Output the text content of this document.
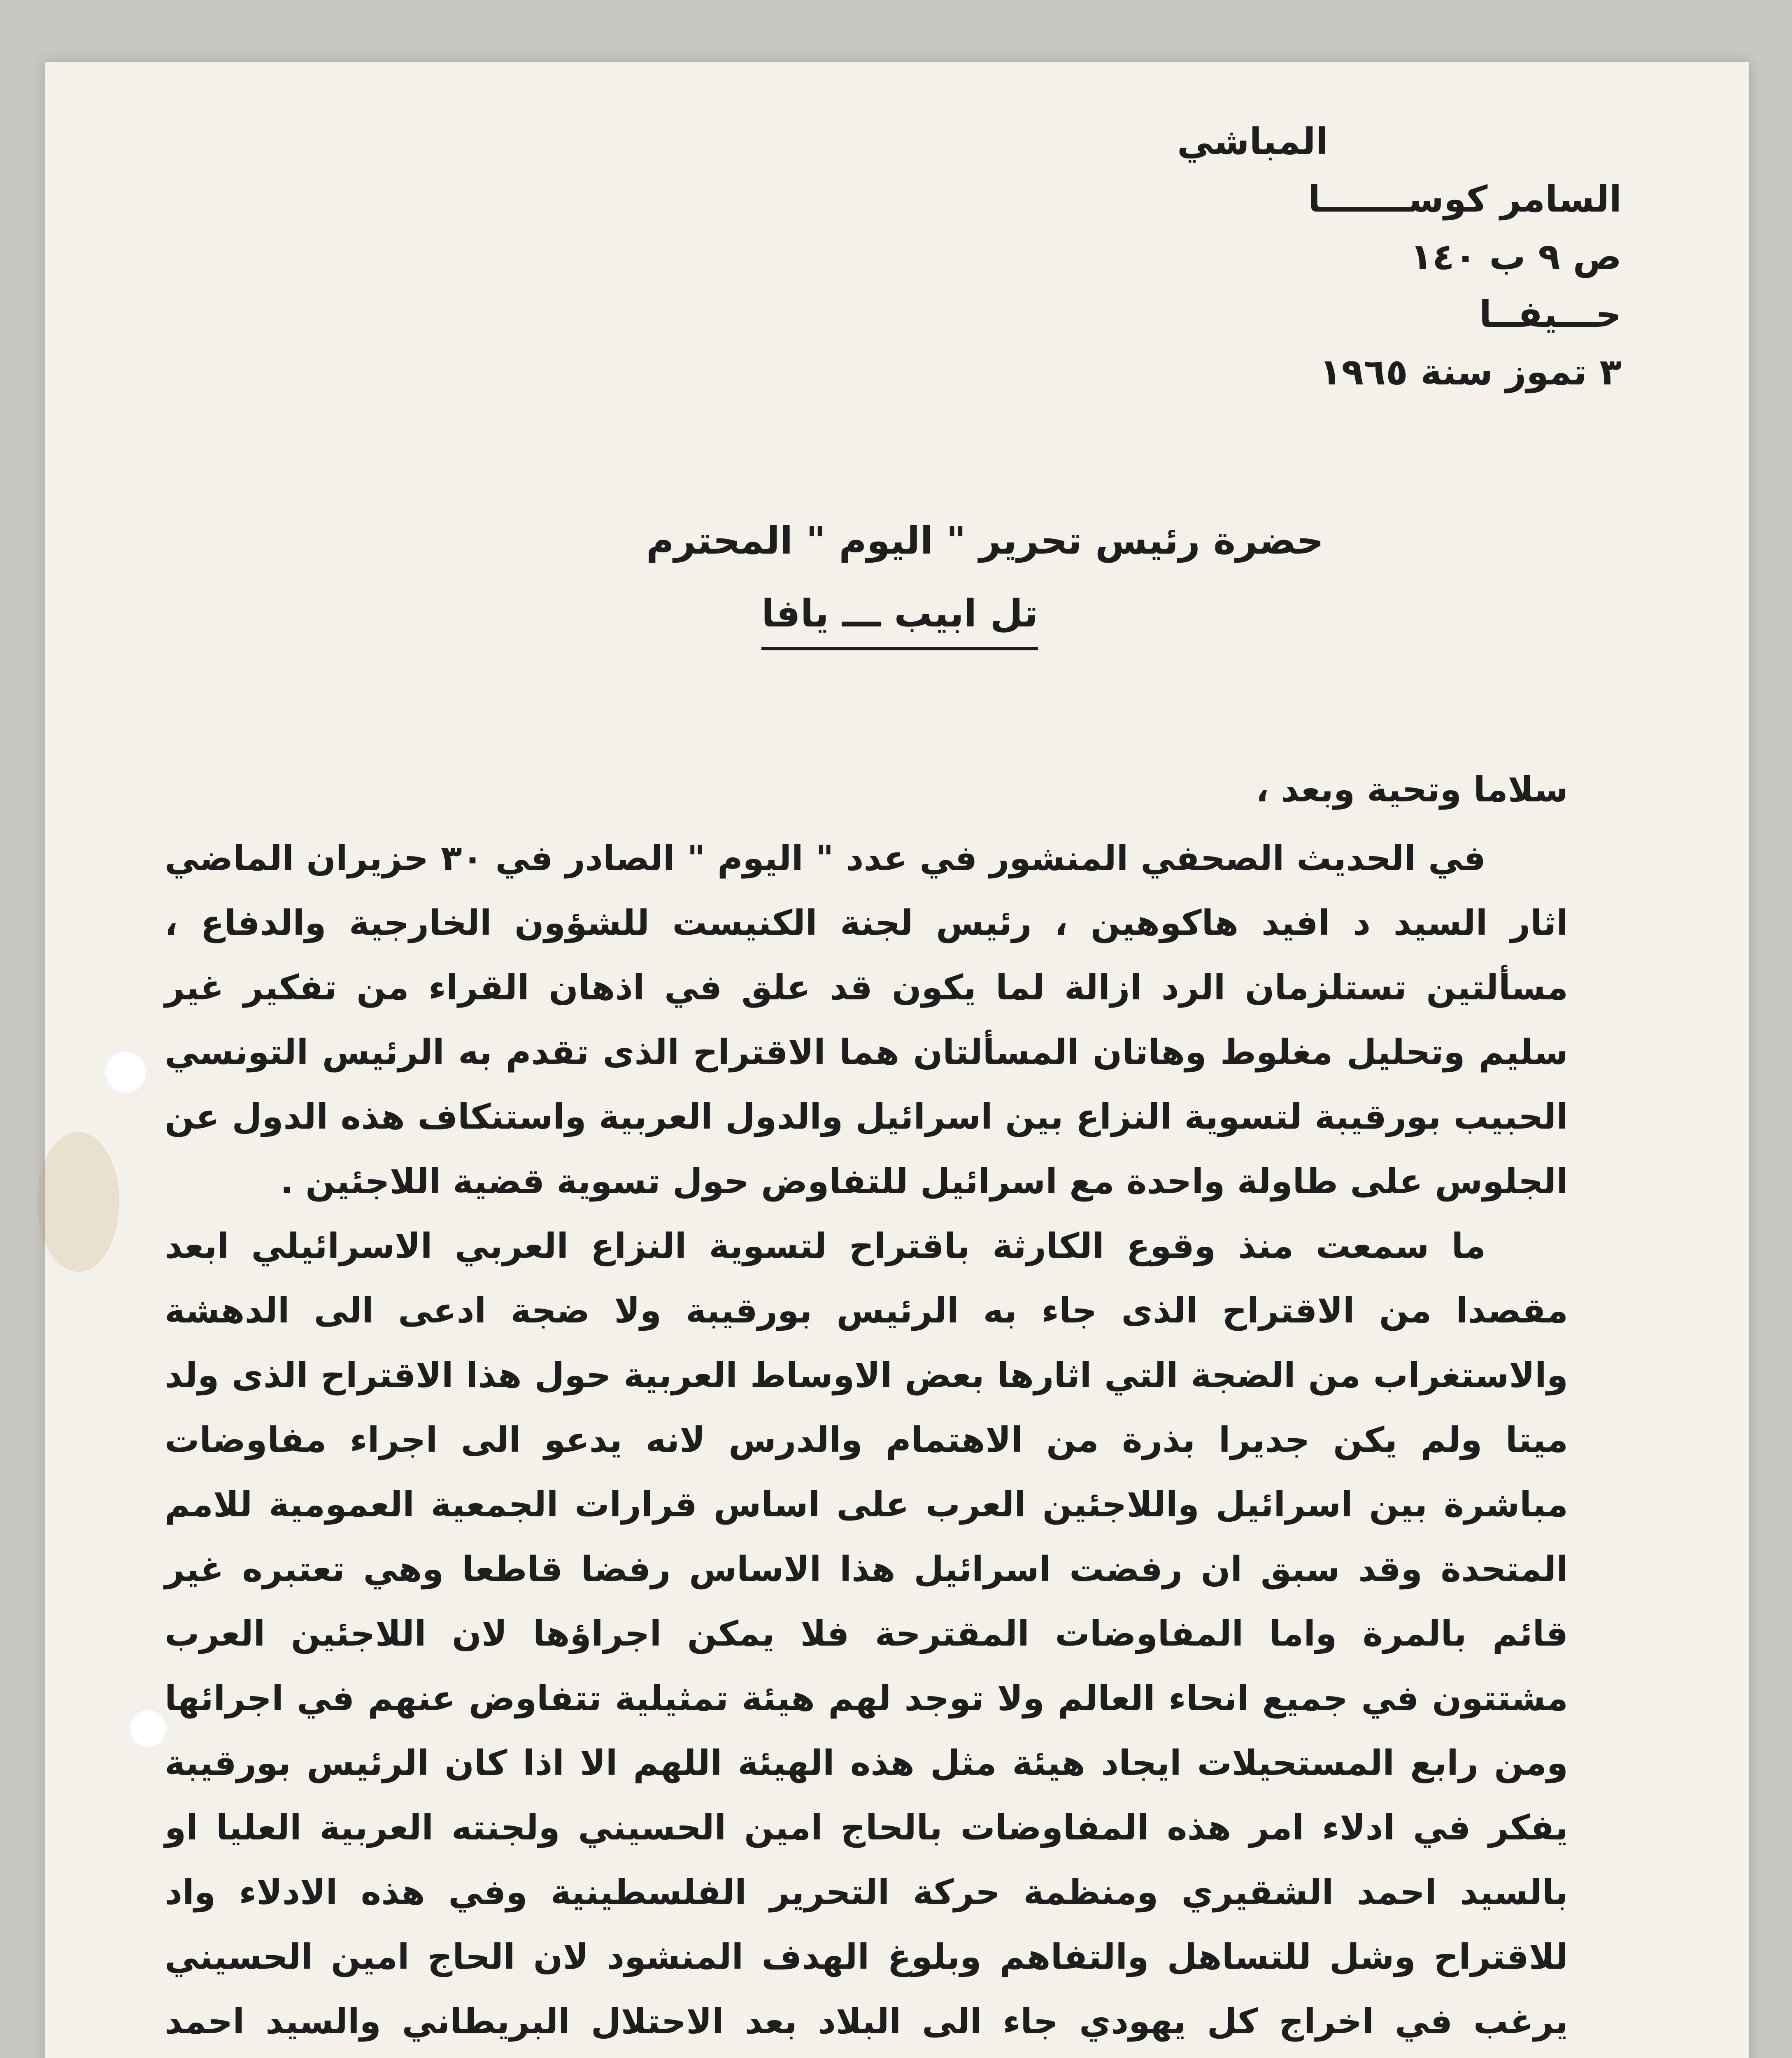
المباشي
السامر كوســـــــا
ص ٩ ب ١٤٠
حـــيفــا
٣ تموز سنة ١٩٦٥
حضرة رئيس تحرير " اليوم " المحترم
تل ابيب ـــ يافا

سلاما وتحية وبعد ،

في الحديث الصحفي المنشور في عدد " اليوم " الصادر في ٣٠ حزيران الماضي اثار السيد د افيد هاكوهين ، رئيس لجنة الكنيست للشؤون الخارجية والدفاع ، مسألتين تستلزمان الرد ازالة لما يكون قد علق في اذهان القراء من تفكير غير سليم وتحليل مغلوط وهاتان المسألتان هما الاقتراح الذى تقدم به الرئيس التونسي الحبيب بورقيبة لتسوية النزاع بين اسرائيل والدول العربية واستنكاف هذه الدول عن الجلوس على طاولة واحدة مع اسرائيل للتفاوض حول تسوية قضية اللاجئين .

ما سمعت منذ وقوع الكارثة باقتراح لتسوية النزاع العربي الاسرائيلي ابعد مقصدا من الاقتراح الذى جاء به الرئيس بورقيبة ولا ضجة ادعى الى الدهشة والاستغراب من الضجة التي اثارها بعض الاوساط العربية حول هذا الاقتراح الذى ولد ميتا ولم يكن جديرا بذرة من الاهتمام والدرس لانه يدعو الى اجراء مفاوضات مباشرة بين اسرائيل واللاجئين العرب على اساس قرارات الجمعية العمومية للامم المتحدة وقد سبق ان رفضت اسرائيل هذا الاساس رفضا قاطعا وهي تعتبره غير قائم بالمرة واما المفاوضات المقترحة فلا يمكن اجراؤها لان اللاجئين العرب مشتتون في جميع انحاء العالم ولا توجد لهم هيئة تمثيلية تتفاوض عنهم في اجرائها ومن رابع المستحيلات ايجاد هيئة مثل هذه الهيئة اللهم الا اذا كان الرئيس بورقيبة يفكر في ادلاء امر هذه المفاوضات بالحاج امين الحسيني ولجنته العربية العليا او بالسيد احمد الشقيري ومنظمة حركة التحرير الفلسطينية وفي هذه الادلاء واد للاقتراح وشل للتساهل والتفاهم وبلوغ الهدف المنشود لان الحاج امين الحسيني يرغب في اخراج كل يهودي جاء الى البلاد بعد الاحتلال البريطاني والسيد احمد
